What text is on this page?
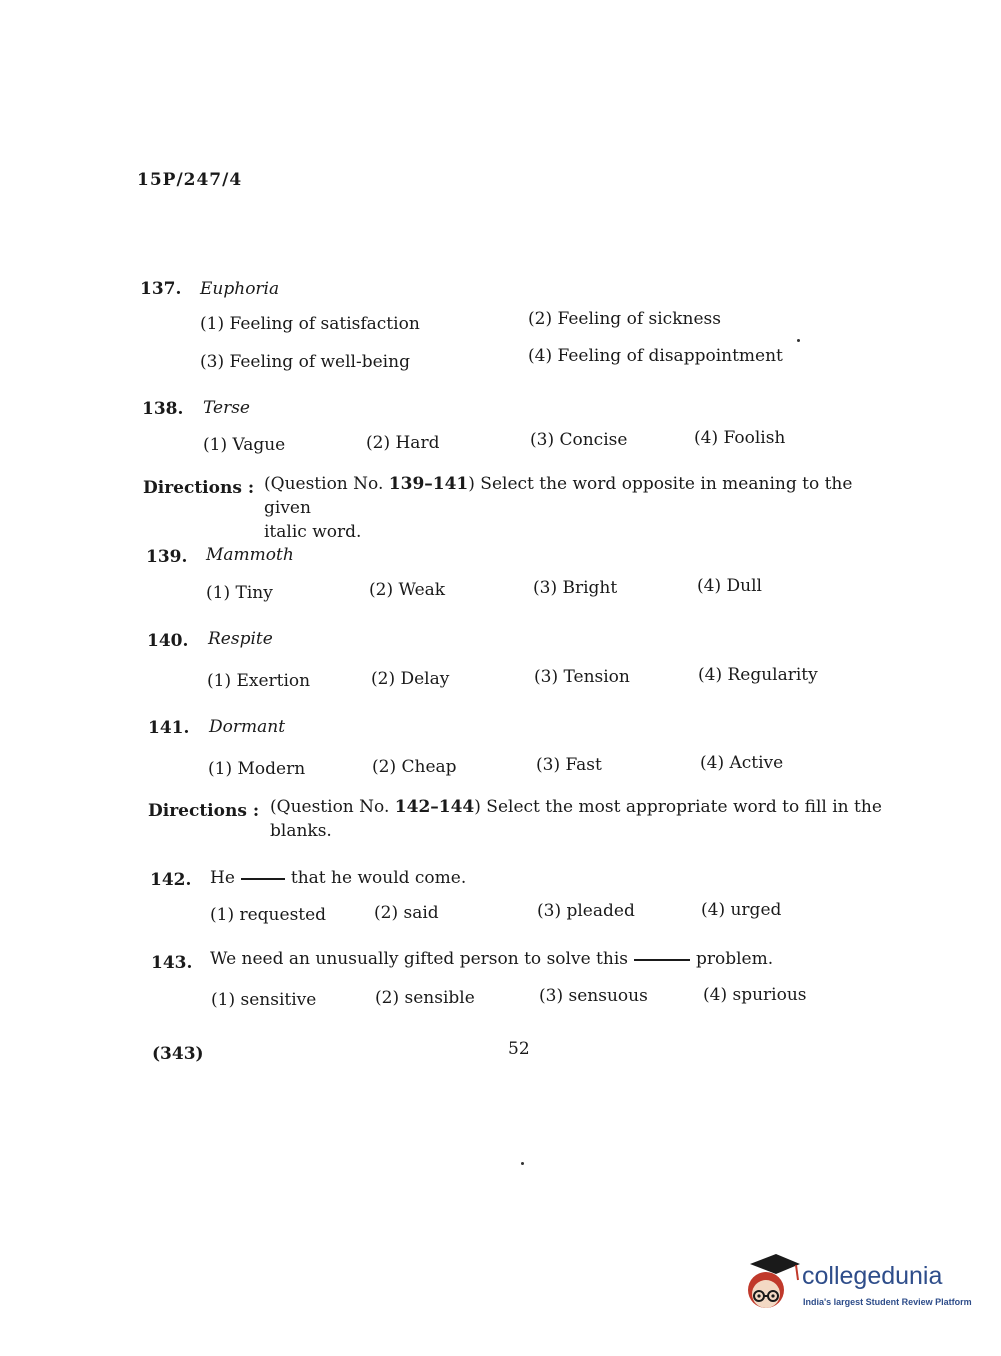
15P/247/4
137. Euphoria
(1) Feeling of satisfaction	(2) Feeling of sickness
(3) Feeling of well-being	(4) Feeling of disappointment
138. Terse
(1) Vague	(2) Hard	(3) Concise	(4) Foolish
Directions : (Question No. 139–141) Select the word opposite in meaning to the given
italic word.
139. Mammoth
(1) Tiny	(2) Weak	(3) Bright	(4) Dull
140. Respite
(1) Exertion	(2) Delay	(3) Tension	(4) Regularity
141. Dormant
(1) Modern	(2) Cheap	(3) Fast	(4) Active
Directions : (Question No. 142–144) Select the most appropriate word to fill in the
blanks.
142. He	that he would come.
(1) requested	(2) said	(3) pleaded	(4) urged
143. We need an unusually gifted person to solve this	problem.
(1) sensitive	(2) sensible	(3) sensuous	(4) spurious
(343)	52
collegedunia
India's largest Student Review Platform
